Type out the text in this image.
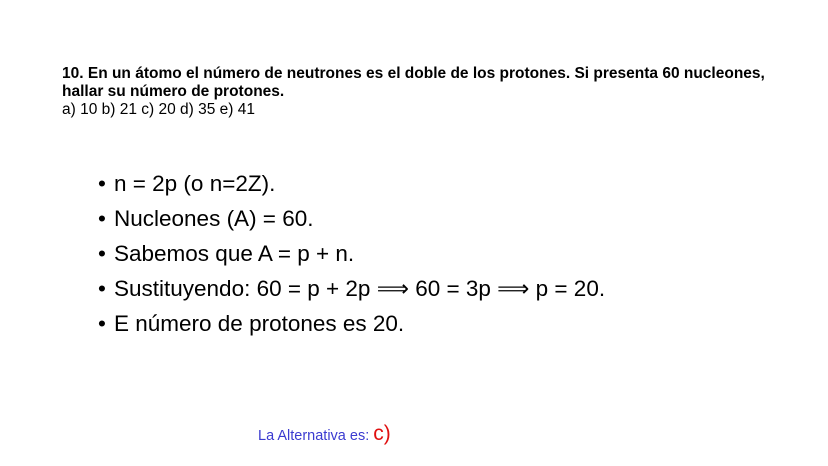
10. En un átomo el número de neutrones es el doble de los protones. Si presenta 60 nucleones, hallar su número de protones.

a) 10 b) 21 c) 20 d) 35 e) 41

• n = 2p (o n=2Z).
• Nucleones (A) = 60.
• Sabemos que A = p + n.
• Sustituyendo: 60 = p + 2p ⟹ 60 = 3p ⟹ p = 20.
• E número de protones es 20.
La Alternativa es: c)
